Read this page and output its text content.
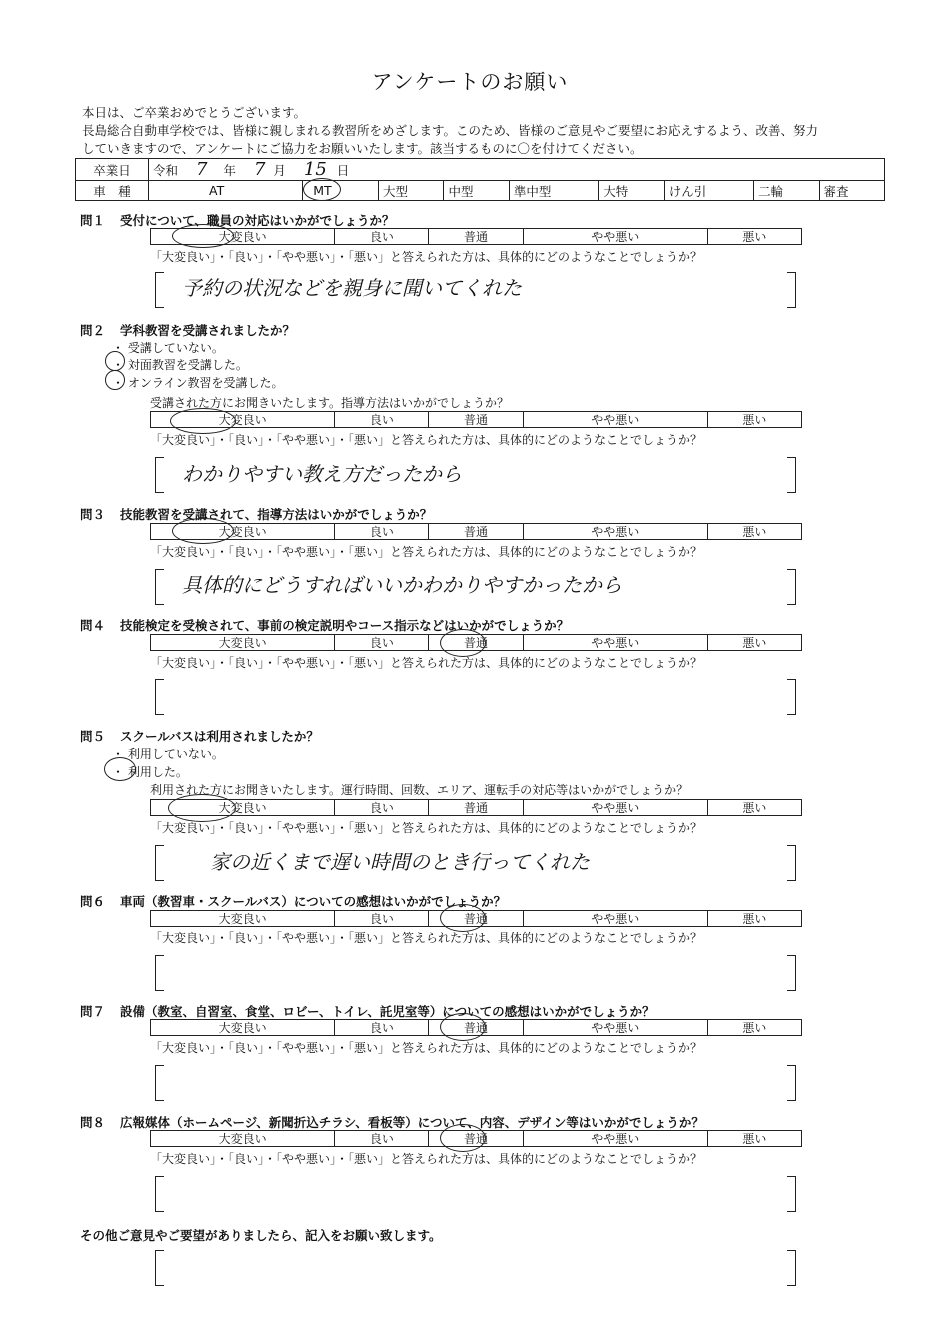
アンケートのお願い
本日は、ご卒業おめでとうございます。
長島総合自動車学校では、皆様に親しまれる教習所をめざします。このため、皆様のご意見やご要望にお応えするよう、改善、努力
していきますので、アンケートにご協力をお願いいたします。該当するものに〇を付けてください。
卒業日	令和 7 年 7 月 15 日								
車　種	AT	MT	大型	中型	準中型	大特	けん引	二輪	審査
問１ 受付について、職員の対応はいかがでしょうか？
大変良い	良い	普通	やや悪い	悪い
「大変良い」・「良い」・「やや悪い」・「悪い」と答えられた方は、具体的にどのようなことでしょうか？
予約の状況などを親身に聞いてくれた
問２ 学科教習を受講されましたか？
・ 受講していない。
・ 対面教習を受講した。
・ オンライン教習を受講した。
受講された方にお聞きいたします。指導方法はいかがでしょうか？
大変良い	良い	普通	やや悪い	悪い
「大変良い」・「良い」・「やや悪い」・「悪い」と答えられた方は、具体的にどのようなことでしょうか？
わかりやすい教え方だったから
問３ 技能教習を受講されて、指導方法はいかがでしょうか？
大変良い	良い	普通	やや悪い	悪い
「大変良い」・「良い」・「やや悪い」・「悪い」と答えられた方は、具体的にどのようなことでしょうか？
具体的にどうすればいいかわかりやすかったから
問４ 技能検定を受検されて、事前の検定説明やコース指示などはいかがでしょうか？
大変良い	良い	普通	やや悪い	悪い
「大変良い」・「良い」・「やや悪い」・「悪い」と答えられた方は、具体的にどのようなことでしょうか？
問５ スクールバスは利用されましたか？
・ 利用していない。
・ 利用した。
利用された方にお聞きいたします。運行時間、回数、エリア、運転手の対応等はいかがでしょうか？
大変良い	良い	普通	やや悪い	悪い
「大変良い」・「良い」・「やや悪い」・「悪い」と答えられた方は、具体的にどのようなことでしょうか？
家の近くまで遅い時間のとき行ってくれた
問６ 車両（教習車・スクールバス）についての感想はいかがでしょうか？
大変良い	良い	普通	やや悪い	悪い
「大変良い」・「良い」・「やや悪い」・「悪い」と答えられた方は、具体的にどのようなことでしょうか？
問７ 設備（教室、自習室、食堂、ロビー、トイレ、託児室等）についての感想はいかがでしょうか？
大変良い	良い	普通	やや悪い	悪い
「大変良い」・「良い」・「やや悪い」・「悪い」と答えられた方は、具体的にどのようなことでしょうか？
問８ 広報媒体（ホームページ、新聞折込チラシ、看板等）について、内容、デザイン等はいかがでしょうか？
大変良い	良い	普通	やや悪い	悪い
「大変良い」・「良い」・「やや悪い」・「悪い」と答えられた方は、具体的にどのようなことでしょうか？
その他ご意見やご要望がありましたら、記入をお願い致します。
